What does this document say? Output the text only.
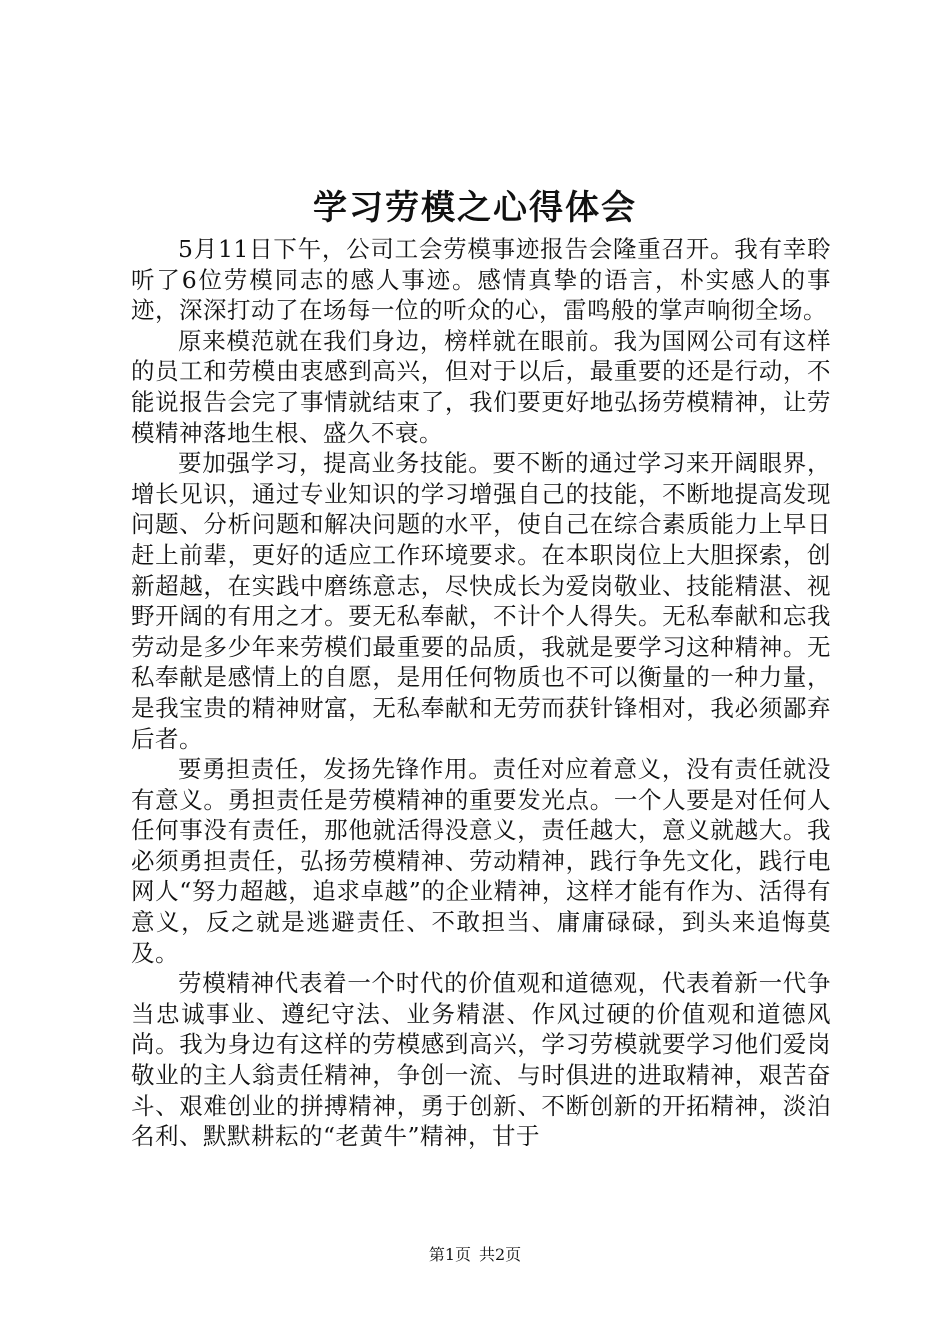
学习劳模之心得体会

5月11日下午，公司工会劳模事迹报告会隆重召开。我有幸聆听了6位劳模同志的感人事迹。感情真挚的语言，朴实感人的事迹，深深打动了在场每一位的听众的心，雷鸣般的掌声响彻全场。

原来模范就在我们身边，榜样就在眼前。我为国网公司有这样的员工和劳模由衷感到高兴，但对于以后，最重要的还是行动，不能说报告会完了事情就结束了，我们要更好地弘扬劳模精神，让劳模精神落地生根、盛久不衰。

要加强学习，提高业务技能。要不断的通过学习来开阔眼界，增长见识，通过专业知识的学习增强自己的技能，不断地提高发现问题、分析问题和解决问题的水平，使自己在综合素质能力上早日赶上前辈，更好的适应工作环境要求。在本职岗位上大胆探索，创新超越，在实践中磨练意志，尽快成长为爱岗敬业、技能精湛、视野开阔的有用之才。要无私奉献，不计个人得失。无私奉献和忘我劳动是多少年来劳模们最重要的品质，我就是要学习这种精神。无私奉献是感情上的自愿，是用任何物质也不可以衡量的一种力量，是我宝贵的精神财富，无私奉献和无劳而获针锋相对，我必须鄙弃后者。

要勇担责任，发扬先锋作用。责任对应着意义，没有责任就没有意义。勇担责任是劳模精神的重要发光点。一个人要是对任何人任何事没有责任，那他就活得没意义，责任越大，意义就越大。我必须勇担责任，弘扬劳模精神、劳动精神，践行争先文化，践行电网人“努力超越，追求卓越”的企业精神，这样才能有作为、活得有意义，反之就是逃避责任、不敢担当、庸庸碌碌，到头来追悔莫及。

劳模精神代表着一个时代的价值观和道德观，代表着新一代争当忠诚事业、遵纪守法、业务精湛、作风过硬的价值观和道德风尚。我为身边有这样的劳模感到高兴，学习劳模就要学习他们爱岗敬业的主人翁责任精神，争创一流、与时俱进的进取精神，艰苦奋斗、艰难创业的拼搏精神，勇于创新、不断创新的开拓精神，淡泊名利、默默耕耘的“老黄牛”精神，甘于

第1页 共2页
